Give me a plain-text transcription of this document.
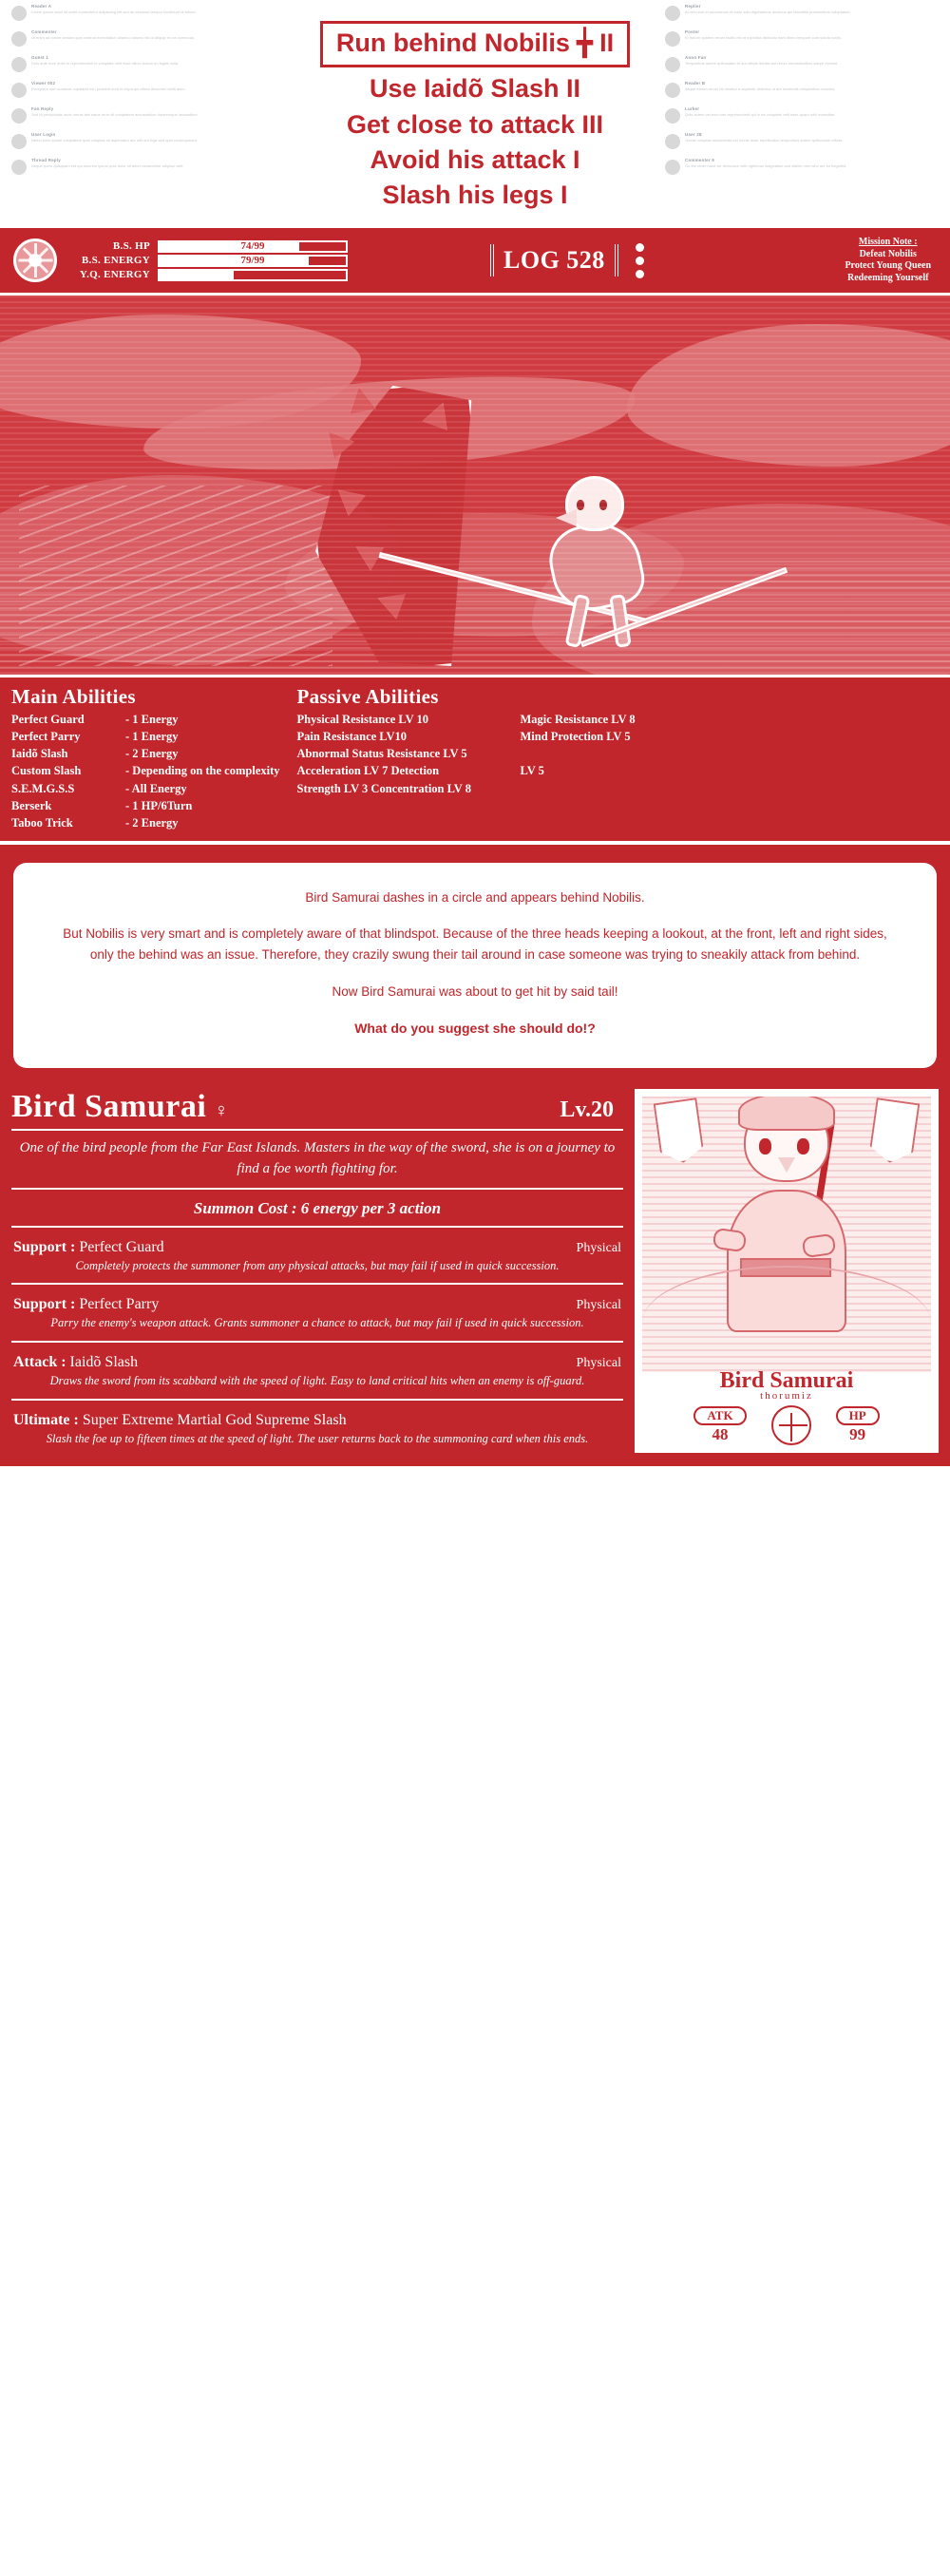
Reader A
Lorem ipsum dolor sit amet consectetur adipiscing elit sed do eiusmod tempor incididunt ut labore.
Commenter
Ut enim ad minim veniam quis nostrud exercitation ullamco laboris nisi ut aliquip ex ea commodo.
Guest 1
Duis aute irure dolor in reprehenderit in voluptate velit esse cillum dolore eu fugiat nulla.
Viewer 002
Excepteur sint occaecat cupidatat non proident sunt in culpa qui officia deserunt mollit anim.
Fan Reply
Sed ut perspiciatis unde omnis iste natus error sit voluptatem accusantium doloremque laudantium.
User Login
Nemo enim ipsam voluptatem quia voluptas sit aspernatur aut odit aut fugit sed quia consequuntur.
Thread Reply
Neque porro quisquam est qui dolorem ipsum quia dolor sit amet consectetur adipisci velit.
Replier
At vero eos et accusamus et iusto odio dignissimos ducimus qui blanditiis praesentium voluptatum.
Poster
Et harum quidem rerum facilis est et expedita distinctio nam libero tempore cum soluta nobis.
Anon Fan
Temporibus autem quibusdam et aut officiis debitis aut rerum necessitatibus saepe eveniet.
Reader B
Itaque earum rerum hic tenetur a sapiente delectus ut aut reiciendis voluptatibus maiores.
Lurker
Quis autem vel eum iure reprehenderit qui in ea voluptate velit esse quam nihil molestiae.
User 28
Omnis voluptas assumenda est omnis dolor repellendus temporibus autem quibusdam officiis.
Commenter 9
On the other hand we denounce with righteous indignation and dislike men who are so beguiled.
Run behind Nobilis ╈ II
Use Iaidõ Slash II
Get close to attack III
Avoid his attack I
Slash his legs I
B.S. HP	74/99
B.S. ENERGY	79/99
Y.Q. ENERGY	10/25
LOG 528
Mission Note :
Defeat Nobilis
Protect Young Queen
Redeeming Yourself
Main Abilities
Perfect Guard	- 1 Energy
Perfect Parry	- 1 Energy
Iaidõ Slash	- 2 Energy
Custom Slash	- Depending on the complexity
S.E.M.G.S.S	- All Energy
Berserk	- 1 HP/6Turn
Taboo Trick	- 2 Energy
Passive Abilities
Physical Resistance LV 10	Magic Resistance LV 8
Pain Resistance LV10	Mind Protection LV 5
Abnormal Status Resistance LV 5
Acceleration LV 7 Detection	LV 5
Strength LV 3 Concentration LV 8
Status : -

Bird Samurai dashes in a circle and appears behind Nobilis.

But Nobilis is very smart and is completely aware of that blindspot. Because of the three heads keeping a lookout, at the front, left and right sides, only the behind was an issue. Therefore, they crazily swung their tail around in case someone was trying to sneakily attack from behind.

Now Bird Samurai was about to get hit by said tail!

What do you suggest she should do!?

Bird Samurai ♀	Lv.20
One of the bird people from the Far East Islands. Masters in the way of the sword, she is on a journey to find a foe worth fighting for.
Summon Cost : 6 energy per 3 action
Support : Perfect Guard	Physical
Completely protects the summoner from any physical attacks, but may fail if used in quick succession.
Support : Perfect Parry	Physical
Parry the enemy's weapon attack. Grants summoner a chance to attack, but may fail if used in quick succession.
Attack : Iaidõ Slash	Physical
Draws the sword from its scabbard with the speed of light. Easy to land critical hits when an enemy is off-guard.
Ultimate : Super Extreme Martial God Supreme Slash
Slash the foe up to fifteen times at the speed of light. The user returns back to the summoning card when this ends.
Bird Samurai
thorumiz
ATK
48
HP
99
